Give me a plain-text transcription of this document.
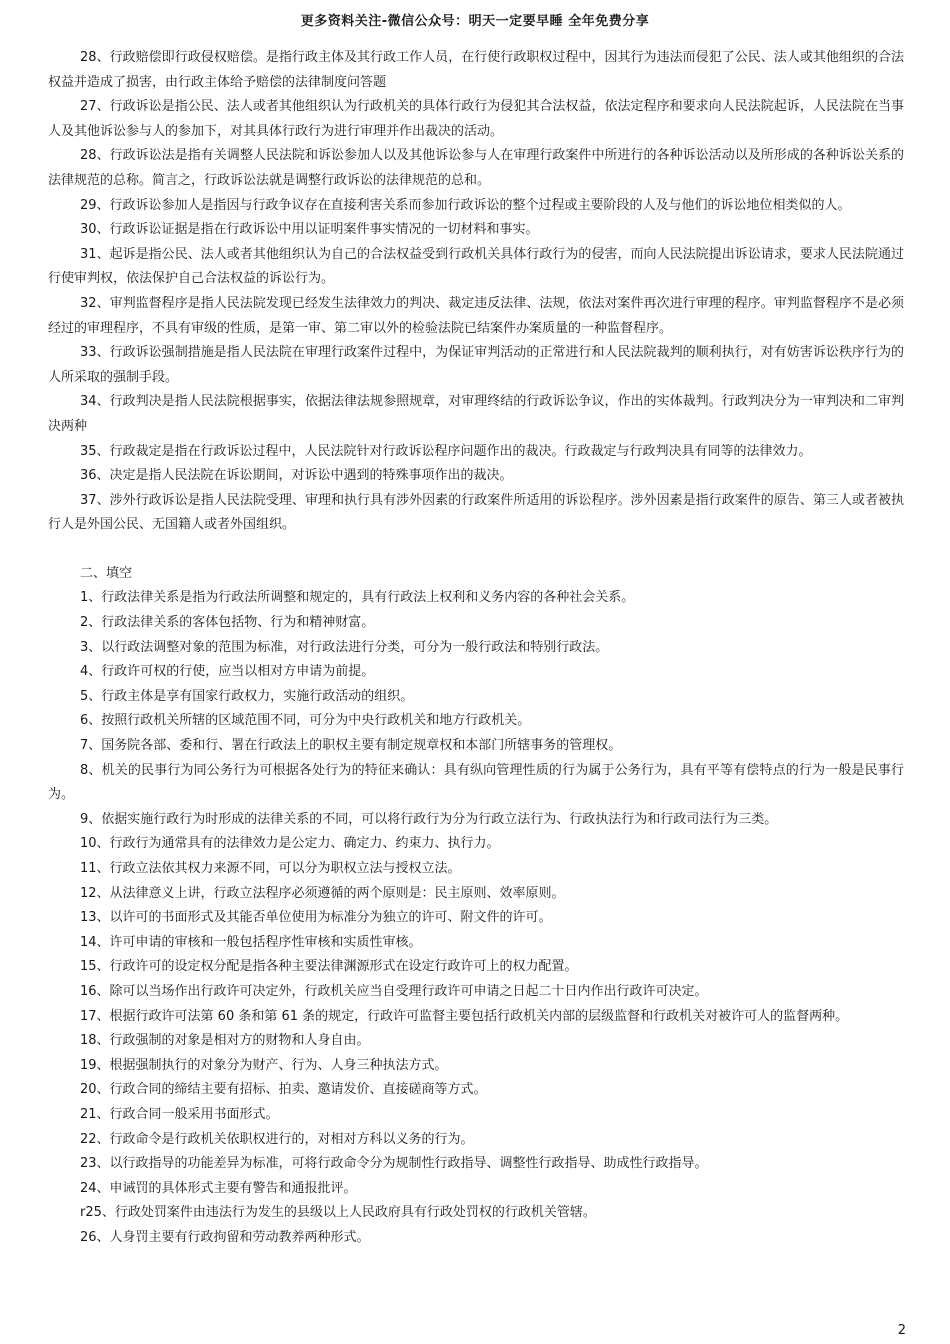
更多资料关注-微信公众号：明天一定要早睡 全年免费分享

28、行政赔偿即行政侵权赔偿。是指行政主体及其行政工作人员，在行使行政职权过程中，因其行为违法而侵犯了公民、法人或其他组织的合法权益并造成了损害，由行政主体给予赔偿的法律制度问答题

27、行政诉讼是指公民、法人或者其他组织认为行政机关的具体行政行为侵犯其合法权益，依法定程序和要求向人民法院起诉，人民法院在当事人及其他诉讼参与人的参加下，对其具体行政行为进行审理并作出裁决的活动。

28、行政诉讼法是指有关调整人民法院和诉讼参加人以及其他诉讼参与人在审理行政案件中所进行的各种诉讼活动以及所形成的各种诉讼关系的法律规范的总称。简言之，行政诉讼法就是调整行政诉讼的法律规范的总和。

29、行政诉讼参加人是指因与行政争议存在直接利害关系而参加行政诉讼的整个过程或主要阶段的人及与他们的诉讼地位相类似的人。

30、行政诉讼证据是指在行政诉讼中用以证明案件事实情况的一切材料和事实。

31、起诉是指公民、法人或者其他组织认为自己的合法权益受到行政机关具体行政行为的侵害，而向人民法院提出诉讼请求，要求人民法院通过行使审判权，依法保护自己合法权益的诉讼行为。

32、审判监督程序是指人民法院发现已经发生法律效力的判决、裁定违反法律、法规，依法对案件再次进行审理的程序。审判监督程序不是必须经过的审理程序，不具有审级的性质，是第一审、第二审以外的检验法院已结案件办案质量的一种监督程序。

33、行政诉讼强制措施是指人民法院在审理行政案件过程中，为保证审判活动的正常进行和人民法院裁判的顺利执行，对有妨害诉讼秩序行为的人所采取的强制手段。

34、行政判决是指人民法院根据事实，依据法律法规参照规章，对审理终结的行政诉讼争议，作出的实体裁判。行政判决分为一审判决和二审判决两种

35、行政裁定是指在行政诉讼过程中，人民法院针对行政诉讼程序问题作出的裁决。行政裁定与行政判决具有同等的法律效力。

36、决定是指人民法院在诉讼期间，对诉讼中遇到的特殊事项作出的裁决。

37、涉外行政诉讼是指人民法院受理、审理和执行具有涉外因素的行政案件所适用的诉讼程序。涉外因素是指行政案件的原告、第三人或者被执行人是外国公民、无国籍人或者外国组织。

二、填空

1、行政法律关系是指为行政法所调整和规定的，具有行政法上权利和义务内容的各种社会关系。

2、行政法律关系的客体包括物、行为和精神财富。

3、以行政法调整对象的范围为标准，对行政法进行分类，可分为一般行政法和特别行政法。

4、行政许可权的行使，应当以相对方申请为前提。

5、行政主体是享有国家行政权力，实施行政活动的组织。

6、按照行政机关所辖的区域范围不同，可分为中央行政机关和地方行政机关。

7、国务院各部、委和行、署在行政法上的职权主要有制定规章权和本部门所辖事务的管理权。

8、机关的民事行为同公务行为可根据各处行为的特征来确认：具有纵向管理性质的行为属于公务行为，具有平等有偿特点的行为一般是民事行为。

9、依据实施行政行为时形成的法律关系的不同，可以将行政行为分为行政立法行为、行政执法行为和行政司法行为三类。

10、行政行为通常具有的法律效力是公定力、确定力、约束力、执行力。

11、行政立法依其权力来源不同，可以分为职权立法与授权立法。

12、从法律意义上讲，行政立法程序必须遵循的两个原则是：民主原则、效率原则。

13、以许可的书面形式及其能否单位使用为标准分为独立的许可、附文件的许可。

14、许可申请的审核和一般包括程序性审核和实质性审核。

15、行政许可的设定权分配是指各种主要法律渊源形式在设定行政许可上的权力配置。

16、除可以当场作出行政许可决定外，行政机关应当自受理行政许可申请之日起二十日内作出行政许可决定。

17、根据行政许可法第 60 条和第 61 条的规定，行政许可监督主要包括行政机关内部的层级监督和行政机关对被许可人的监督两种。

18、行政强制的对象是相对方的财物和人身自由。

19、根据强制执行的对象分为财产、行为、人身三种执法方式。

20、行政合同的缔结主要有招标、拍卖、邀请发价、直接磋商等方式。

21、行政合同一般采用书面形式。

22、行政命令是行政机关依职权进行的，对相对方科以义务的行为。

23、以行政指导的功能差异为标准，可将行政命令分为规制性行政指导、调整性行政指导、助成性行政指导。

24、申诫罚的具体形式主要有警告和通报批评。

r25、行政处罚案件由违法行为发生的县级以上人民政府具有行政处罚权的行政机关管辖。

26、人身罚主要有行政拘留和劳动教养两种形式。

2
